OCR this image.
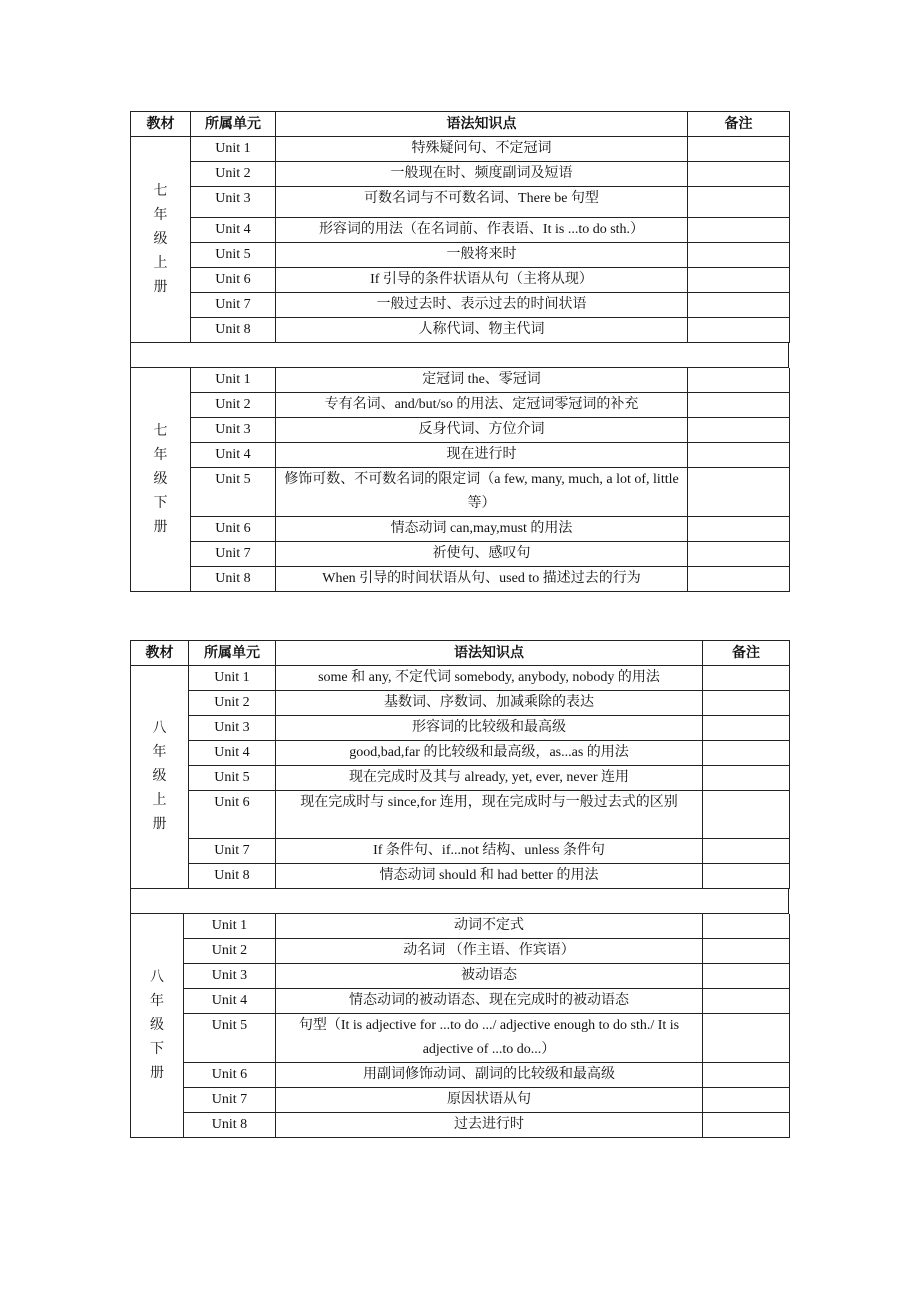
教材	所属单元	语法知识点	备注
七
年
级
上
册	Unit 1	特殊疑问句、不定冠词	
	Unit 2	一般现在时、频度副词及短语	
	Unit 3	可数名词与不可数名词、There be 句型	
	Unit 4	形容词的用法（在名词前、作表语、It is ...to do sth.）	
	Unit 5	一般将来时	
	Unit 6	If 引导的条件状语从句（主将从现）	
	Unit 7	一般过去时、表示过去的时间状语	
	Unit 8	人称代词、物主代词	
七
年
级
下
册	Unit 1	定冠词 the、零冠词	
	Unit 2	专有名词、and/but/so 的用法、定冠词零冠词的补充	
	Unit 3	反身代词、方位介词	
	Unit 4	现在进行时	
	Unit 5	修饰可数、不可数名词的限定词（a few, many, much, a lot of, little 等）	
	Unit 6	情态动词 can,may,must 的用法	
	Unit 7	祈使句、感叹句	
	Unit 8	When 引导的时间状语从句、used to 描述过去的行为	
教材	所属单元	语法知识点	备注
八
年
级
上
册	Unit 1	some 和 any, 不定代词 somebody, anybody, nobody 的用法	
	Unit 2	基数词、序数词、加减乘除的表达	
	Unit 3	形容词的比较级和最高级	
	Unit 4	good,bad,far 的比较级和最高级，as...as 的用法	
	Unit 5	现在完成时及其与 already, yet, ever, never 连用	
	Unit 6	现在完成时与 since,for 连用，现在完成时与一般过去式的区别	
	Unit 7	If 条件句、if...not 结构、unless 条件句	
	Unit 8	情态动词 should 和 had better 的用法	
八
年
级
下
册	Unit 1	动词不定式	
	Unit 2	动名词 （作主语、作宾语）	
	Unit 3	被动语态	
	Unit 4	情态动词的被动语态、现在完成时的被动语态	
	Unit 5	句型（It is adjective for ...to do .../ adjective enough to do sth./ It is adjective of ...to do...）	
	Unit 6	用副词修饰动词、副词的比较级和最高级	
	Unit 7	原因状语从句	
	Unit 8	过去进行时	
